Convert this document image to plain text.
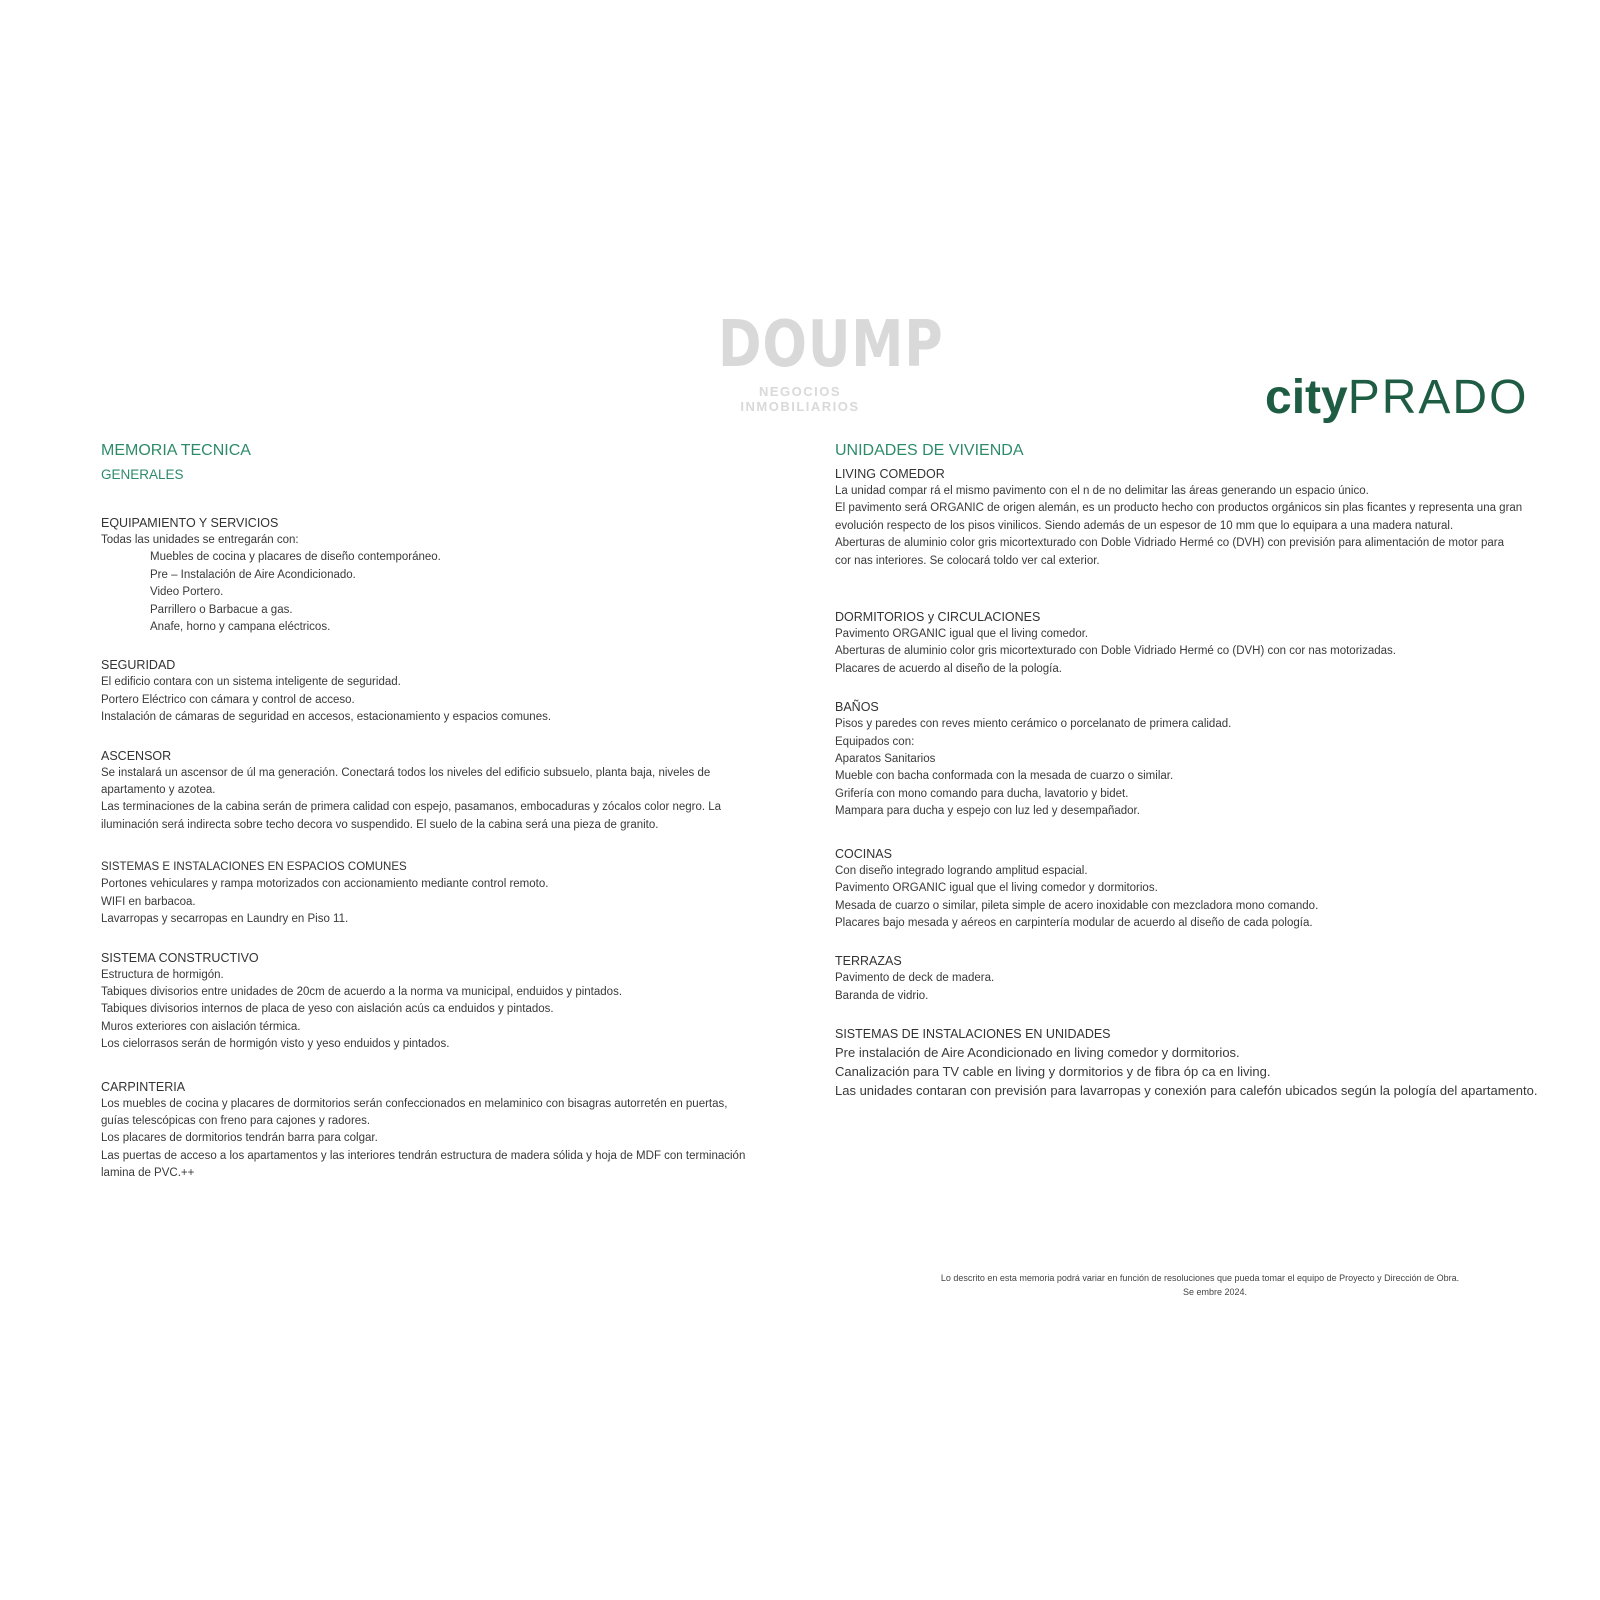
DOUMP
NEGOCIOS INMOBILIARIOS	cityPRADO
MEMORIA TECNICA
GENERALES
EQUIPAMIENTO Y SERVICIOS

Todas las unidades se entregarán con:

Muebles de cocina y placares de diseño contemporáneo.

Pre – Instalación de Aire Acondicionado.

Video Portero.

Parrillero o Barbacue a gas.

Anafe, horno y campana eléctricos.

SEGURIDAD

El edificio contara con un sistema inteligente de seguridad.

Portero Eléctrico con cámara y control de acceso.

Instalación de cámaras de seguridad en accesos, estacionamiento y espacios comunes.

ASCENSOR

Se instalará un ascensor de úl ma generación. Conectará todos los niveles del edificio subsuelo, planta baja, niveles de

apartamento y azotea.

Las terminaciones de la cabina serán de primera calidad con espejo, pasamanos, embocaduras y zócalos color negro. La

iluminación será indirecta sobre techo decora vo suspendido. El suelo de la cabina será una pieza de granito.

SISTEMAS E INSTALACIONES EN ESPACIOS COMUNES

Portones vehiculares y rampa motorizados con accionamiento mediante control remoto.

WIFI en barbacoa.

Lavarropas y secarropas en Laundry en Piso 11.

SISTEMA CONSTRUCTIVO

Estructura de hormigón.

Tabiques divisorios entre unidades de 20cm de acuerdo a la norma va municipal, enduidos y pintados.

Tabiques divisorios internos de placa de yeso con aislación acús ca enduidos y pintados.

Muros exteriores con aislación térmica.

Los cielorrasos serán de hormigón visto y yeso enduidos y pintados.

CARPINTERIA

Los muebles de cocina y placares de dormitorios serán confeccionados en melaminico con bisagras autorretén en puertas,

guías telescópicas con freno para cajones y radores.

Los placares de dormitorios tendrán barra para colgar.

Las puertas de acceso a los apartamentos y las interiores tendrán estructura de madera sólida y hoja de MDF con terminación

lamina de PVC.++

UNIDADES DE VIVIENDA
LIVING COMEDOR

La unidad compar rá el mismo pavimento con el n de no delimitar las áreas generando un espacio único.

El pavimento será ORGANIC de origen alemán, es un producto hecho con productos orgánicos sin plas ficantes y representa una gran

evolución respecto de los pisos vinilicos. Siendo además de un espesor de 10 mm que lo equipara a una madera natural.

Aberturas de aluminio color gris micortexturado con Doble Vidriado Hermé co (DVH) con previsión para alimentación de motor para

cor nas interiores. Se colocará toldo ver cal exterior.

DORMITORIOS y CIRCULACIONES

Pavimento ORGANIC igual que el living comedor.

Aberturas de aluminio color gris micortexturado con Doble Vidriado Hermé co (DVH) con cor nas motorizadas.

Placares de acuerdo al diseño de la pología.

BAÑOS

Pisos y paredes con reves miento cerámico o porcelanato de primera calidad.

Equipados con:

Aparatos Sanitarios

Mueble con bacha conformada con la mesada de cuarzo o similar.

Grifería con mono comando para ducha, lavatorio y bidet.

Mampara para ducha y espejo con luz led y desempañador.

COCINAS

Con diseño integrado logrando amplitud espacial.

Pavimento ORGANIC igual que el living comedor y dormitorios.

Mesada de cuarzo o similar, pileta simple de acero inoxidable con mezcladora mono comando.

Placares bajo mesada y aéreos en carpintería modular de acuerdo al diseño de cada pología.

TERRAZAS

Pavimento de deck de madera.

Baranda de vidrio.

SISTEMAS DE INSTALACIONES EN UNIDADES

Pre instalación de Aire Acondicionado en living comedor y dormitorios.

Canalización para TV cable en living y dormitorios y de fibra óp ca en living.

Las unidades contaran con previsión para lavarropas y conexión para calefón ubicados según la pología del apartamento.

Lo descrito en esta memoria podrá variar en función de resoluciones que pueda tomar el equipo de Proyecto y Dirección de Obra.
Se embre 2024.
